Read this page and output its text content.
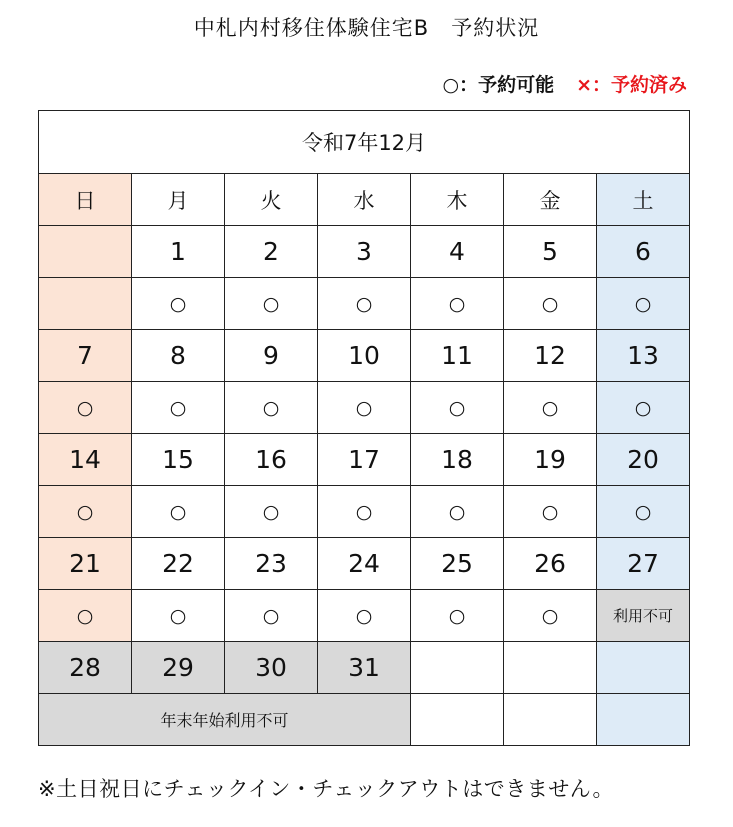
中札内村移住体験住宅B　予約状況
○：予約可能 ×：予約済み
令和7年12月						
日	月	火	水	木	金	土
	1	2	3	4	5	6
	○	○	○	○	○	○
7	8	9	10	11	12	13
○	○	○	○	○	○	○
14	15	16	17	18	19	20
○	○	○	○	○	○	○
21	22	23	24	25	26	27
○	○	○	○	○	○	利用不可
28	29	30	31			
年末年始利用不可						
※土日祝日にチェックイン・チェックアウトはできません。
